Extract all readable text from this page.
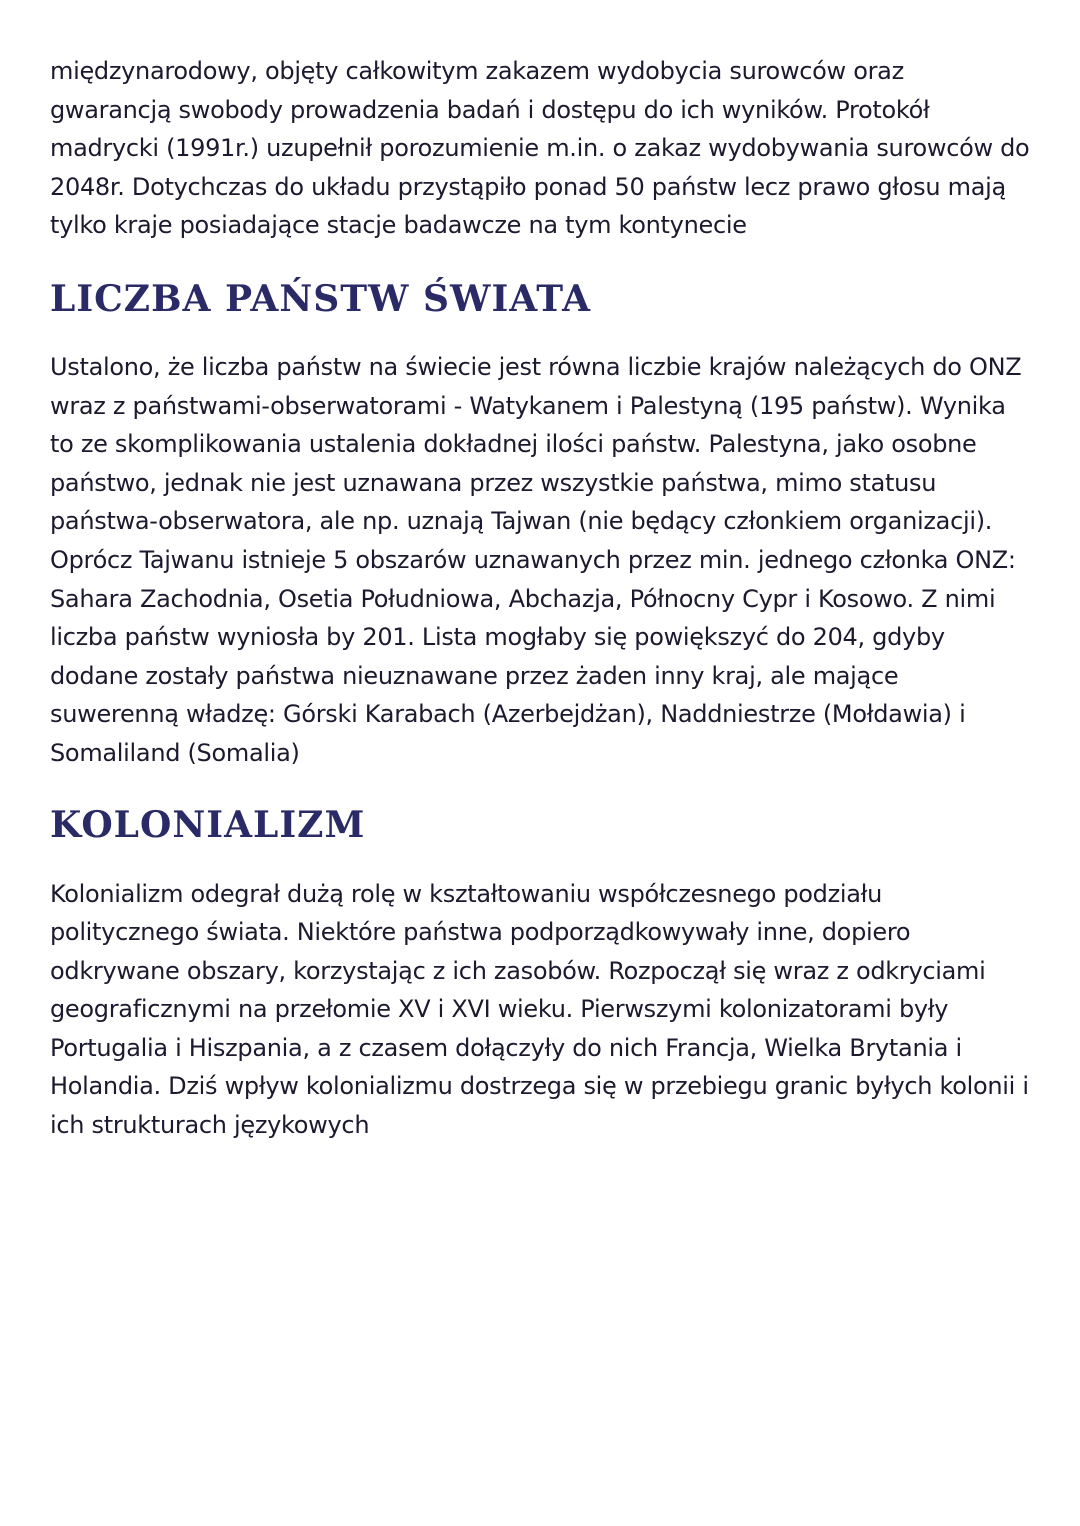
międzynarodowy, objęty całkowitym zakazem wydobycia surowców oraz gwarancją swobody prowadzenia badań i dostępu do ich wyników. Protokół madrycki (1991r.) uzupełnił porozumienie m.in. o zakaz wydobywania surowców do 2048r. Dotychczas do układu przystąpiło ponad 50 państw lecz prawo głosu mają tylko kraje posiadające stacje badawcze na tym kontynecie

LICZBA PAŃSTW ŚWIATA

Ustalono, że liczba państw na świecie jest równa liczbie krajów należących do ONZ wraz z państwami-obserwatorami - Watykanem i Palestyną (195 państw). Wynika to ze skomplikowania ustalenia dokładnej ilości państw. Palestyna, jako osobne państwo, jednak nie jest uznawana przez wszystkie państwa, mimo statusu państwa-obserwatora, ale np. uznają Tajwan (nie będący członkiem organizacji). Oprócz Tajwanu istnieje 5 obszarów uznawanych przez min. jednego członka ONZ: Sahara Zachodnia, Osetia Południowa, Abchazja, Północny Cypr i Kosowo. Z nimi liczba państw wyniosła by 201. Lista mogłaby się powiększyć do 204, gdyby dodane zostały państwa nieuznawane przez żaden inny kraj, ale mające suwerenną władzę: Górski Karabach (Azerbejdżan), Naddniestrze (Mołdawia) i Somaliland (Somalia)

KOLONIALIZM

Kolonializm odegrał dużą rolę w kształtowaniu współczesnego podziału politycznego świata. Niektóre państwa podporządkowywały inne, dopiero odkrywane obszary, korzystając z ich zasobów. Rozpoczął się wraz z odkryciami geograficznymi na przełomie XV i XVI wieku. Pierwszymi kolonizatorami były Portugalia i Hiszpania, a z czasem dołączyły do nich Francja, Wielka Brytania i Holandia. Dziś wpływ kolonializmu dostrzega się w przebiegu granic byłych kolonii i ich strukturach językowych
